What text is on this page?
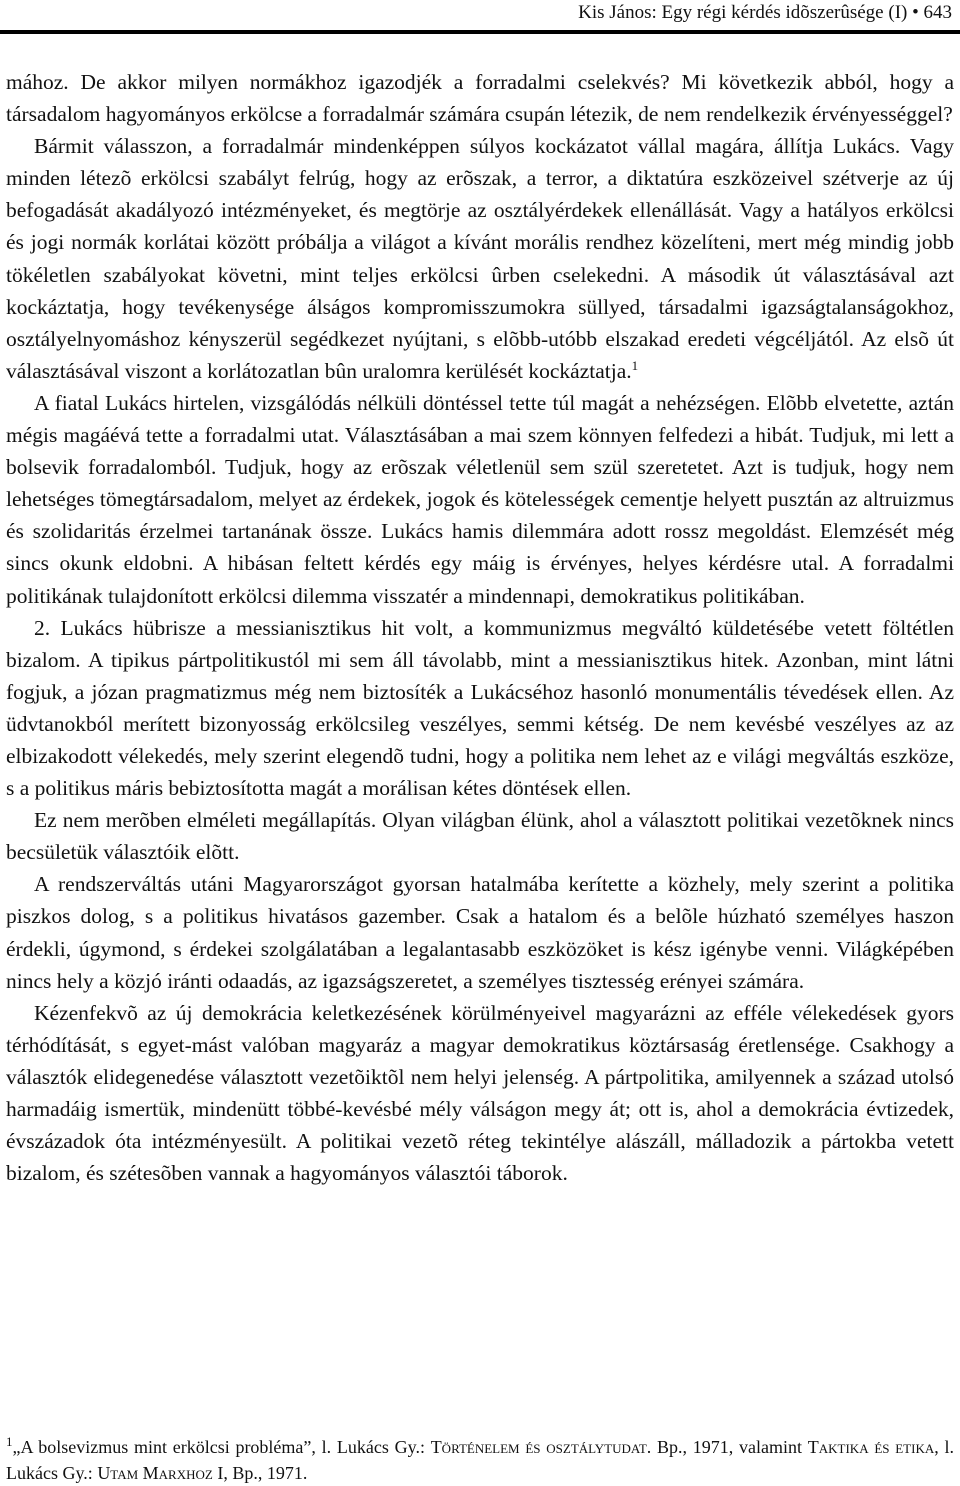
Kis János: Egy régi kérdés idõszerûsége (I) • 643

mához. De akkor milyen normákhoz igazodjék a forradalmi cselekvés? Mi következik abból, hogy a társadalom hagyományos erkölcse a forradalmár számára csupán létezik, de nem rendelkezik érvényességgel?

Bármit válasszon, a forradalmár mindenképpen súlyos kockázatot vállal magára, állítja Lukács. Vagy minden létezõ erkölcsi szabályt felrúg, hogy az erõszak, a terror, a diktatúra eszközeivel szétverje az új befogadását akadályozó intézményeket, és megtörje az osztályérdekek ellenállását. Vagy a hatályos erkölcsi és jogi normák korlátai között próbálja a világot a kívánt morális rendhez közelíteni, mert még mindig jobb tökéletlen szabályokat követni, mint teljes erkölcsi ûrben cselekedni. A második út választásával azt kockáztatja, hogy tevékenysége álságos kompromisszumokra süllyed, társadalmi igazságtalanságokhoz, osztályelnyomáshoz kényszerül segédkezet nyújtani, s elõbb-utóbb elszakad eredeti végcéljától. Az elsõ út választásával viszont a korlátozatlan bûn uralomra kerülését kockáztatja.$^1$

A fiatal Lukács hirtelen, vizsgálódás nélküli döntéssel tette túl magát a nehézségen. Elõbb elvetette, aztán mégis magáévá tette a forradalmi utat. Választásában a mai szem könnyen felfedezi a hibát. Tudjuk, mi lett a bolsevik forradalomból. Tudjuk, hogy az erõszak véletlenül sem szül szeretetet. Azt is tudjuk, hogy nem lehetséges tömegtársadalom, melyet az érdekek, jogok és kötelességek cementje helyett pusztán az altruizmus és szolidaritás érzelmei tartanának össze. Lukács hamis dilemmára adott rossz megoldást. Elemzését még sincs okunk eldobni. A hibásan feltett kérdés egy máig is érvényes, helyes kérdésre utal. A forradalmi politikának tulajdonított erkölcsi dilemma visszatér a mindennapi, demokratikus politikában.

2. Lukács hübrisze a messianisztikus hit volt, a kommunizmus megváltó küldetésébe vetett föltétlen bizalom. A tipikus pártpolitikustól mi sem áll távolabb, mint a messianisztikus hitek. Azonban, mint látni fogjuk, a józan pragmatizmus még nem biztosíték a Lukácséhoz hasonló monumentális tévedések ellen. Az üdvtanokból merített bizonyosság erkölcsileg veszélyes, semmi kétség. De nem kevésbé veszélyes az az elbizakodott vélekedés, mely szerint elegendõ tudni, hogy a politika nem lehet az e világi megváltás eszköze, s a politikus máris bebiztosította magát a morálisan kétes döntések ellen.

Ez nem merõben elméleti megállapítás. Olyan világban élünk, ahol a választott politikai vezetõknek nincs becsületük választóik elõtt.

A rendszerváltás utáni Magyarországot gyorsan hatalmába kerítette a közhely, mely szerint a politika piszkos dolog, s a politikus hivatásos gazember. Csak a hatalom és a belõle húzható személyes haszon érdekli, úgymond, s érdekei szolgálatában a legalantasabb eszközöket is kész igénybe venni. Világképében nincs hely a közjó iránti odaadás, az igazságszeretet, a személyes tisztesség erényei számára.

Kézenfekvõ az új demokrácia keletkezésének körülményeivel magyarázni az efféle vélekedések gyors térhódítását, s egyet-mást valóban magyaráz a magyar demokratikus köztársaság éretlensége. Csakhogy a választók elidegenedése választott vezetõiktõl nem helyi jelenség. A pártpolitika, amilyennek a század utolsó harmadáig ismertük, mindenütt többé-kevésbé mély válságon megy át; ott is, ahol a demokrácia évtizedek, évszázadok óta intézményesült. A politikai vezetõ réteg tekintélye alászáll, málladozik a pártokba vetett bizalom, és szétesõben vannak a hagyományos választói táborok.

$^1$„A bolsevizmus mint erkölcsi probléma”, l. Lukács Gy.: Történelem és osztálytudat. Bp., 1971, valamint Taktika és etika, l. Lukács Gy.: Utam Marxhoz I, Bp., 1971.
